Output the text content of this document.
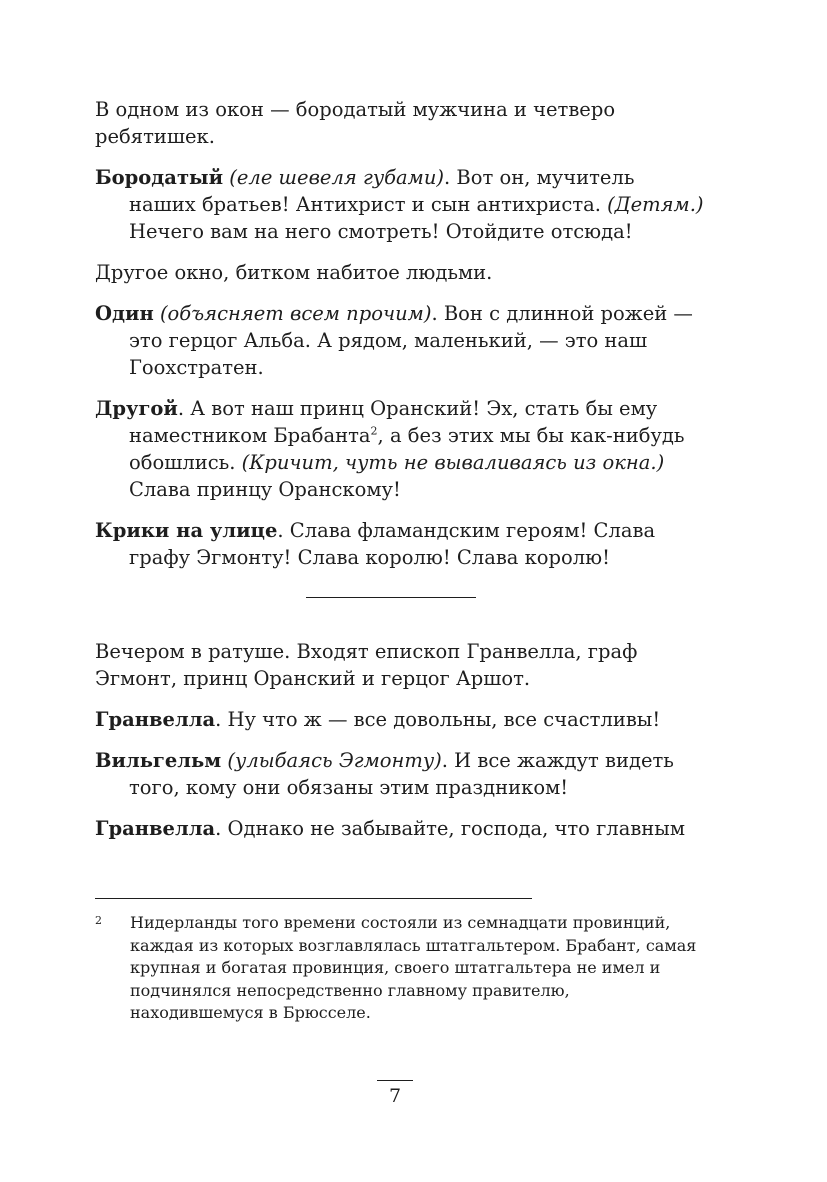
В одном из окон — бородатый мужчина и четверо ребятишек.

Бородатый (еле шевеля губами). Вот он, мучитель наших братьев! Антихрист и сын антихриста. (Детям.) Нечего вам на него смотреть! Отойдите отсюда!

Другое окно, битком набитое людьми.

Один (объясняет всем прочим). Вон с длинной рожей — это герцог Альба. А рядом, маленький, — это наш Гоохстратен.

Другой. А вот наш принц Оранский! Эх, стать бы ему наместником Брабанта$^2$, а без этих мы бы как-нибудь обошлись. (Кричит, чуть не вываливаясь из окна.) Слава принцу Оранскому!

Крики на улице. Слава фламандским героям! Слава графу Эгмонту! Слава королю! Слава королю!

Вечером в ратуше. Входят епископ Гранвелла, граф Эгмонт, принц Оранский и герцог Аршот.

Гранвелла. Ну что ж — все довольны, все счастливы!

Вильгельм (улыбаясь Эгмонту). И все жаждут видеть того, кому они обязаны этим праздником!

Гранвелла. Однако не забывайте, господа, что главным

2 Нидерланды того времени состояли из семнадцати провинций, каждая из которых возглавлялась штатгальтером. Брабант, самая крупная и богатая провинция, своего штатгальтера не имел и подчинялся непосредственно главному правителю, находившемуся в Брюсселе.
7
